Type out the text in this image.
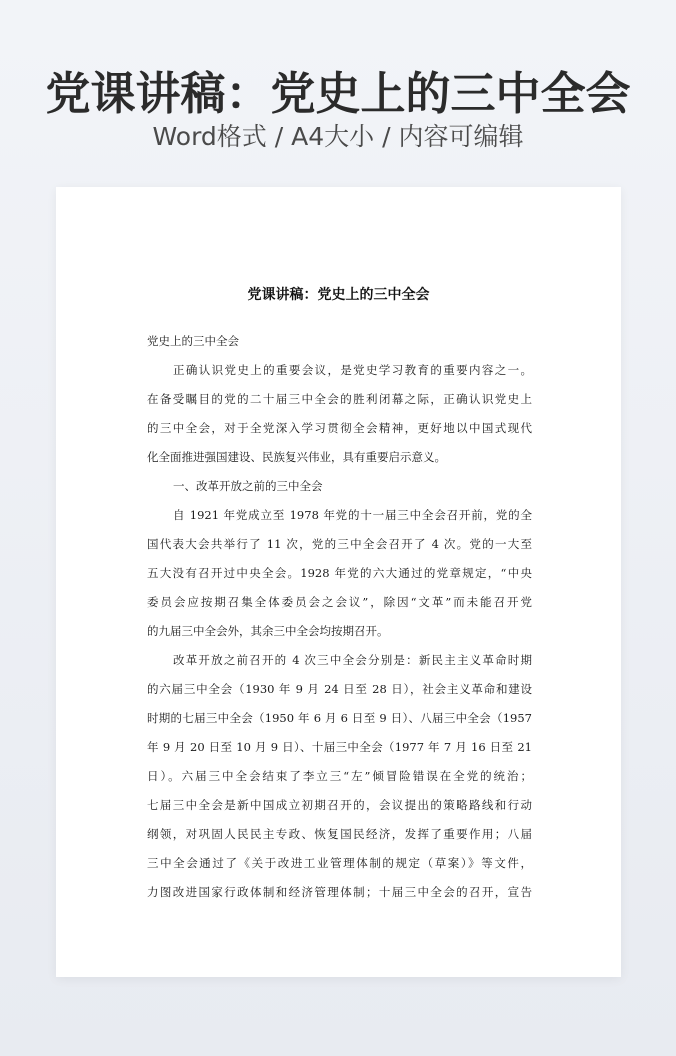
党课讲稿：党史上的三中全会
Word格式 / A4大小 / 内容可编辑
党课讲稿：党史上的三中全会
党史上的三中全会
正确认识党史上的重要会议，是党史学习教育的重要内容之一。
在备受瞩目的党的二十届三中全会的胜利闭幕之际，正确认识党史上
的三中全会，对于全党深入学习贯彻全会精神，更好地以中国式现代
化全面推进强国建设、民族复兴伟业，具有重要启示意义。
一、改革开放之前的三中全会
自 1921 年党成立至 1978 年党的十一届三中全会召开前，党的全
国代表大会共举行了 11 次，党的三中全会召开了 4 次。党的一大至
五大没有召开过中央全会。1928 年党的六大通过的党章规定，“中央
委员会应按期召集全体委员会之会议”，除因“文革”而未能召开党
的九届三中全会外，其余三中全会均按期召开。
改革开放之前召开的 4 次三中全会分别是：新民主主义革命时期
的六届三中全会（1930 年 9 月 24 日至 28 日），社会主义革命和建设
时期的七届三中全会（1950 年 6 月 6 日至 9 日）、八届三中全会（1957
年 9 月 20 日至 10 月 9 日）、十届三中全会（1977 年 7 月 16 日至 21
日）。六届三中全会结束了李立三“左”倾冒险错误在全党的统治；
七届三中全会是新中国成立初期召开的，会议提出的策略路线和行动
纲领，对巩固人民民主专政、恢复国民经济，发挥了重要作用；八届
三中全会通过了《关于改进工业管理体制的规定（草案）》等文件，
力图改进国家行政体制和经济管理体制；十届三中全会的召开，宣告
